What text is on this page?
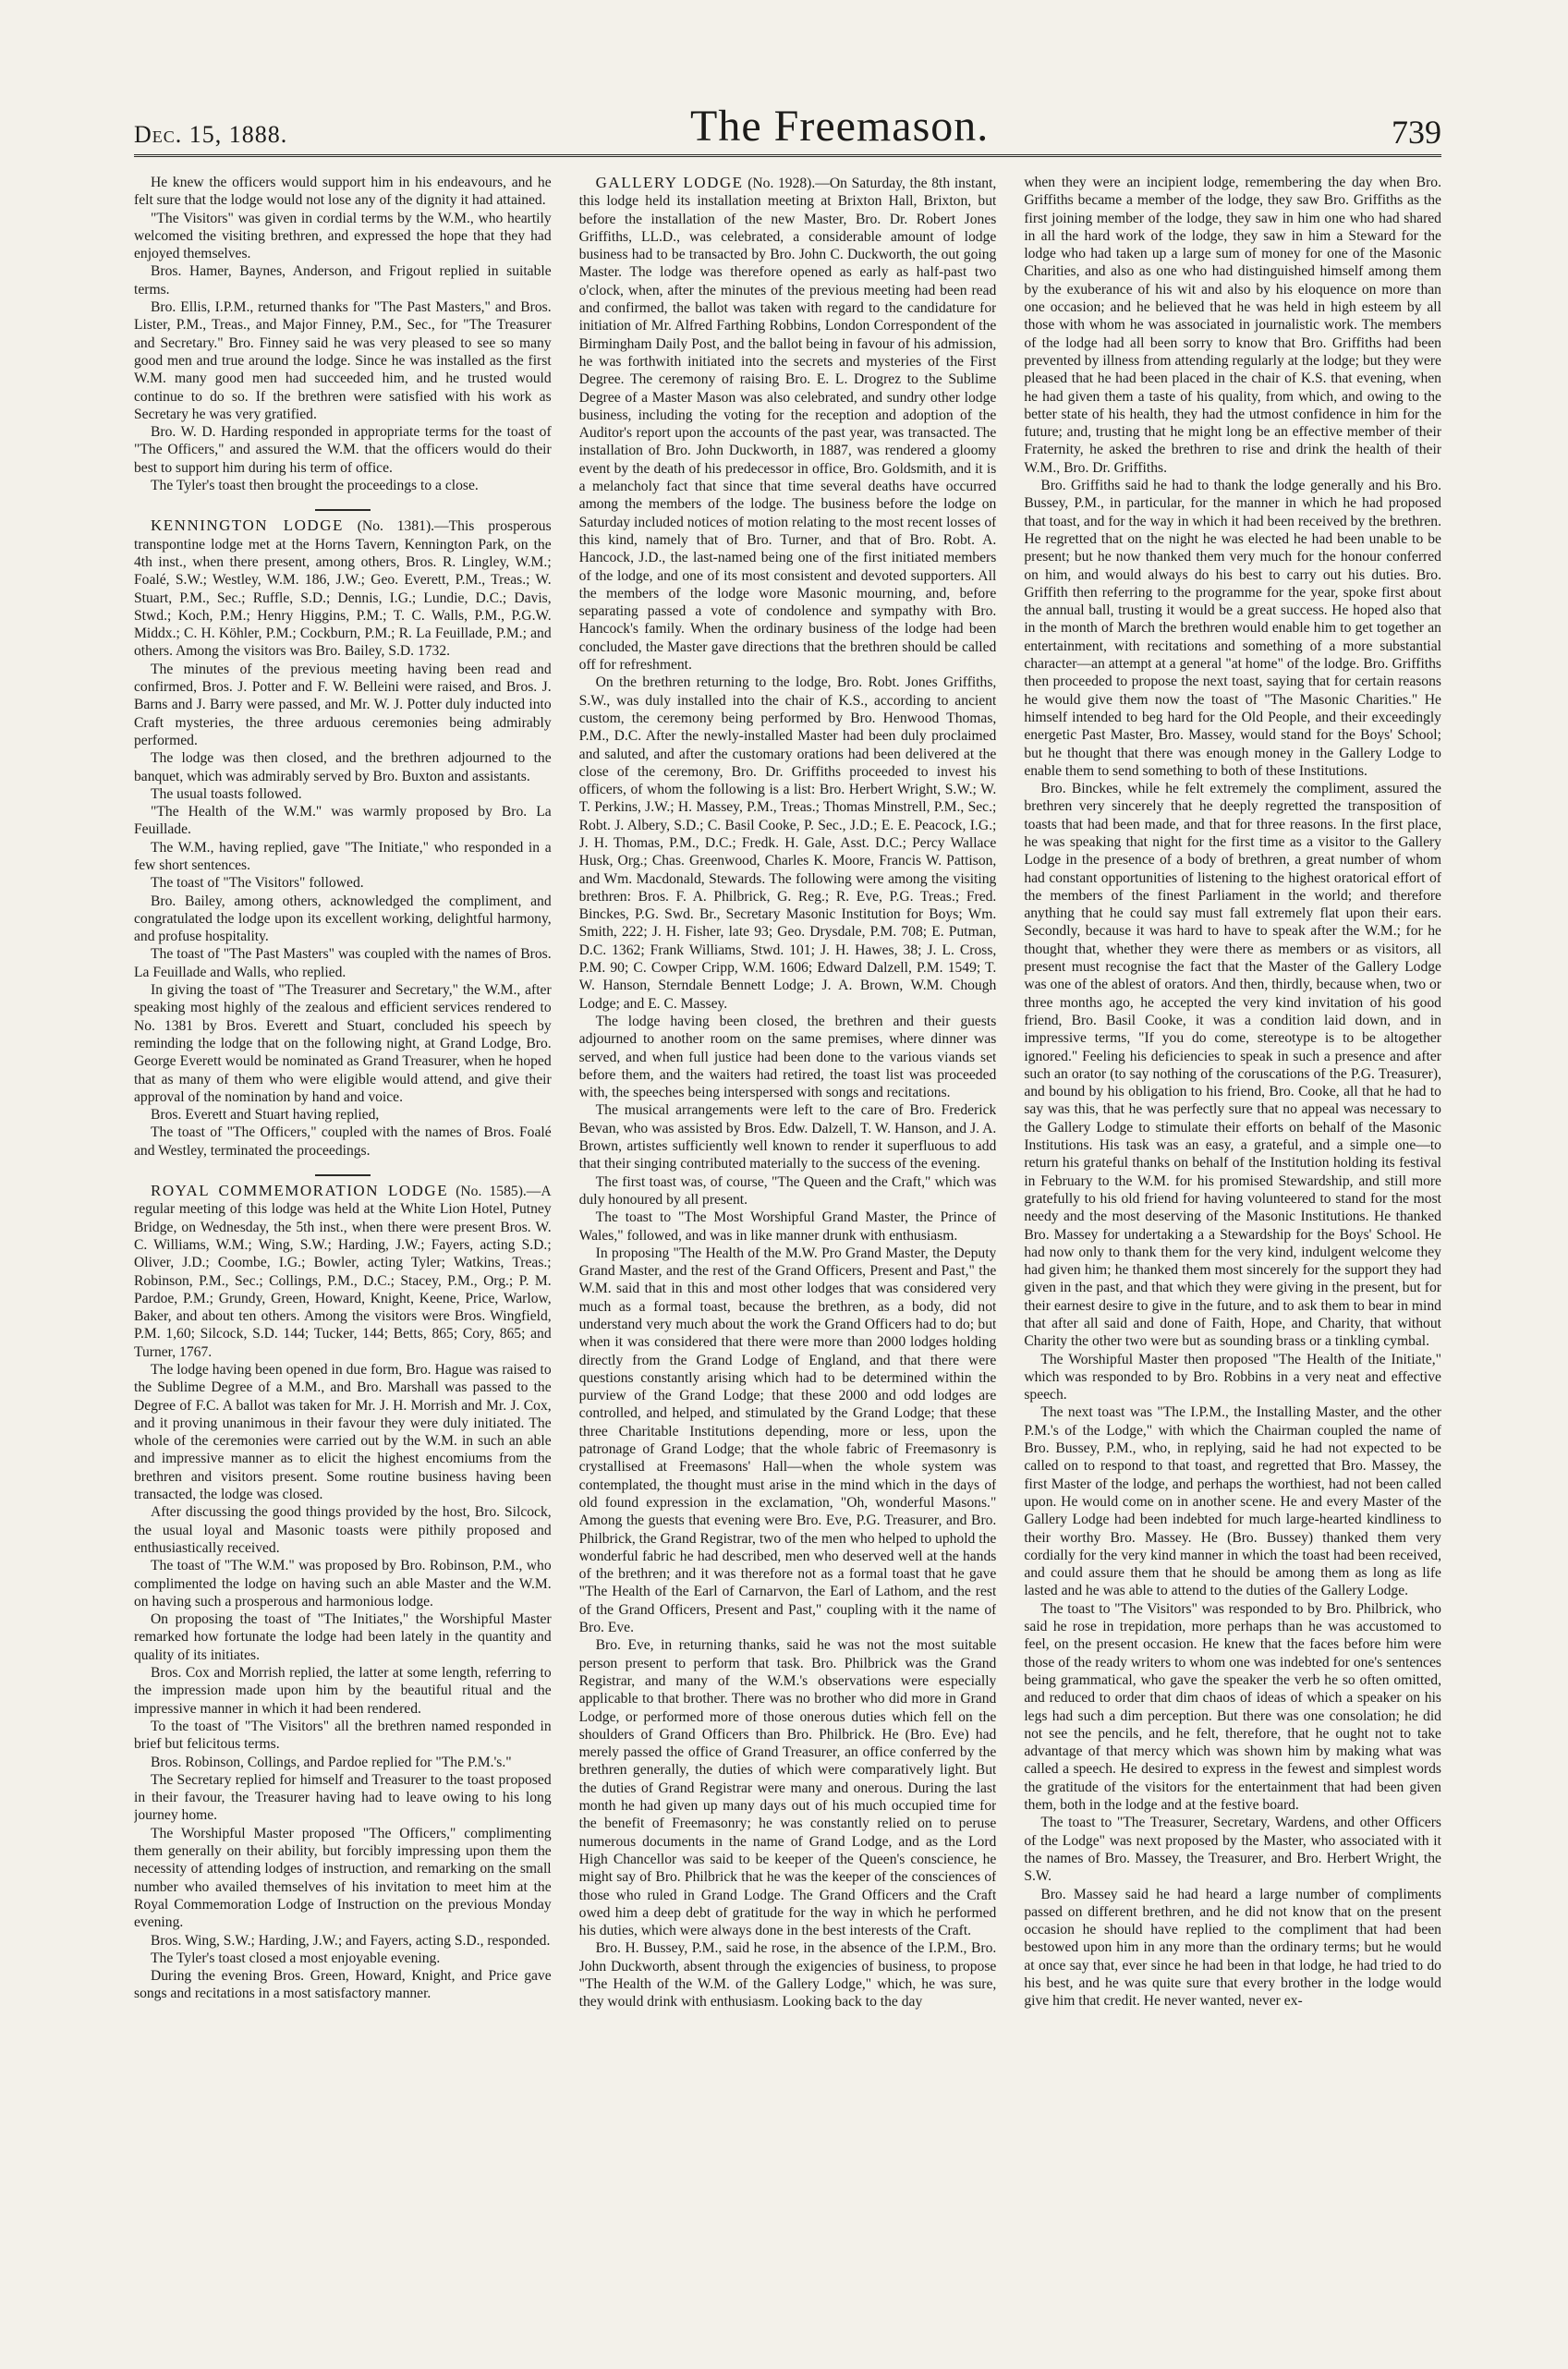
Dec. 15, 1888.	The Freemason.	739

He knew the officers would support him in his endeavours, and he felt sure that the lodge would not lose any of the dignity it had attained.

"The Visitors" was given in cordial terms by the W.M., who heartily welcomed the visiting brethren, and expressed the hope that they had enjoyed themselves.

Bros. Hamer, Baynes, Anderson, and Frigout replied in suitable terms.

Bro. Ellis, I.P.M., returned thanks for "The Past Masters," and Bros. Lister, P.M., Treas., and Major Finney, P.M., Sec., for "The Treasurer and Secretary." Bro. Finney said he was very pleased to see so many good men and true around the lodge. Since he was installed as the first W.M. many good men had succeeded him, and he trusted would continue to do so. If the brethren were satisfied with his work as Secretary he was very gratified.

Bro. W. D. Harding responded in appropriate terms for the toast of "The Officers," and assured the W.M. that the officers would do their best to support him during his term of office.

The Tyler's toast then brought the proceedings to a close.

KENNINGTON LODGE (No. 1381).—This prosperous transpontine lodge met at the Horns Tavern, Kennington Park, on the 4th inst., when there present, among others, Bros. R. Lingley, W.M.; Foalé, S.W.; Westley, W.M. 186, J.W.; Geo. Everett, P.M., Treas.; W. Stuart, P.M., Sec.; Ruffle, S.D.; Dennis, I.G.; Lundie, D.C.; Davis, Stwd.; Koch, P.M.; Henry Higgins, P.M.; T. C. Walls, P.M., P.G.W. Middx.; C. H. Köhler, P.M.; Cockburn, P.M.; R. La Feuillade, P.M.; and others. Among the visitors was Bro. Bailey, S.D. 1732.

The minutes of the previous meeting having been read and confirmed, Bros. J. Potter and F. W. Belleini were raised, and Bros. J. Barns and J. Barry were passed, and Mr. W. J. Potter duly inducted into Craft mysteries, the three arduous ceremonies being admirably performed.

The lodge was then closed, and the brethren adjourned to the banquet, which was admirably served by Bro. Buxton and assistants.

The usual toasts followed.

"The Health of the W.M." was warmly proposed by Bro. La Feuillade.

The W.M., having replied, gave "The Initiate," who responded in a few short sentences.

The toast of "The Visitors" followed.

Bro. Bailey, among others, acknowledged the compliment, and congratulated the lodge upon its excellent working, delightful harmony, and profuse hospitality.

The toast of "The Past Masters" was coupled with the names of Bros. La Feuillade and Walls, who replied.

In giving the toast of "The Treasurer and Secretary," the W.M., after speaking most highly of the zealous and efficient services rendered to No. 1381 by Bros. Everett and Stuart, concluded his speech by reminding the lodge that on the following night, at Grand Lodge, Bro. George Everett would be nominated as Grand Treasurer, when he hoped that as many of them who were eligible would attend, and give their approval of the nomination by hand and voice.

Bros. Everett and Stuart having replied,

The toast of "The Officers," coupled with the names of Bros. Foalé and Westley, terminated the proceedings.

ROYAL COMMEMORATION LODGE (No. 1585).—A regular meeting of this lodge was held at the White Lion Hotel, Putney Bridge, on Wednesday, the 5th inst., when there were present Bros. W. C. Williams, W.M.; Wing, S.W.; Harding, J.W.; Fayers, acting S.D.; Oliver, J.D.; Coombe, I.G.; Bowler, acting Tyler; Watkins, Treas.; Robinson, P.M., Sec.; Collings, P.M., D.C.; Stacey, P.M., Org.; P. M. Pardoe, P.M.; Grundy, Green, Howard, Knight, Keene, Price, Warlow, Baker, and about ten others. Among the visitors were Bros. Wingfield, P.M. 1,60; Silcock, S.D. 144; Tucker, 144; Betts, 865; Cory, 865; and Turner, 1767.

The lodge having been opened in due form, Bro. Hague was raised to the Sublime Degree of a M.M., and Bro. Marshall was passed to the Degree of F.C. A ballot was taken for Mr. J. H. Morrish and Mr. J. Cox, and it proving unanimous in their favour they were duly initiated. The whole of the ceremonies were carried out by the W.M. in such an able and impressive manner as to elicit the highest encomiums from the brethren and visitors present. Some routine business having been transacted, the lodge was closed.

After discussing the good things provided by the host, Bro. Silcock, the usual loyal and Masonic toasts were pithily proposed and enthusiastically received.

The toast of "The W.M." was proposed by Bro. Robinson, P.M., who complimented the lodge on having such an able Master and the W.M. on having such a prosperous and harmonious lodge.

On proposing the toast of "The Initiates," the Worshipful Master remarked how fortunate the lodge had been lately in the quantity and quality of its initiates.

Bros. Cox and Morrish replied, the latter at some length, referring to the impression made upon him by the beautiful ritual and the impressive manner in which it had been rendered.

To the toast of "The Visitors" all the brethren named responded in brief but felicitous terms.

Bros. Robinson, Collings, and Pardoe replied for "The P.M.'s."

The Secretary replied for himself and Treasurer to the toast proposed in their favour, the Treasurer having had to leave owing to his long journey home.

The Worshipful Master proposed "The Officers," complimenting them generally on their ability, but forcibly impressing upon them the necessity of attending lodges of instruction, and remarking on the small number who availed themselves of his invitation to meet him at the Royal Commemoration Lodge of Instruction on the previous Monday evening.

Bros. Wing, S.W.; Harding, J.W.; and Fayers, acting S.D., responded.

The Tyler's toast closed a most enjoyable evening.

During the evening Bros. Green, Howard, Knight, and Price gave songs and recitations in a most satisfactory manner.

GALLERY LODGE (No. 1928).—On Saturday, the 8th instant, this lodge held its installation meeting at Brixton Hall, Brixton, but before the installation of the new Master, Bro. Dr. Robert Jones Griffiths, LL.D., was celebrated, a considerable amount of lodge business had to be transacted by Bro. John C. Duckworth, the out going Master. The lodge was therefore opened as early as half-past two o'clock, when, after the minutes of the previous meeting had been read and confirmed, the ballot was taken with regard to the candidature for initiation of Mr. Alfred Farthing Robbins, London Correspondent of the Birmingham Daily Post, and the ballot being in favour of his admission, he was forthwith initiated into the secrets and mysteries of the First Degree. The ceremony of raising Bro. E. L. Drogrez to the Sublime Degree of a Master Mason was also celebrated, and sundry other lodge business, including the voting for the reception and adoption of the Auditor's report upon the accounts of the past year, was transacted. The installation of Bro. John Duckworth, in 1887, was rendered a gloomy event by the death of his predecessor in office, Bro. Goldsmith, and it is a melancholy fact that since that time several deaths have occurred among the members of the lodge. The business before the lodge on Saturday included notices of motion relating to the most recent losses of this kind, namely that of Bro. Turner, and that of Bro. Robt. A. Hancock, J.D., the last-named being one of the first initiated members of the lodge, and one of its most consistent and devoted supporters. All the members of the lodge wore Masonic mourning, and, before separating passed a vote of condolence and sympathy with Bro. Hancock's family. When the ordinary business of the lodge had been concluded, the Master gave directions that the brethren should be called off for refreshment.

On the brethren returning to the lodge, Bro. Robt. Jones Griffiths, S.W., was duly installed into the chair of K.S., according to ancient custom, the ceremony being performed by Bro. Henwood Thomas, P.M., D.C. After the newly-installed Master had been duly proclaimed and saluted, and after the customary orations had been delivered at the close of the ceremony, Bro. Dr. Griffiths proceeded to invest his officers, of whom the following is a list: Bro. Herbert Wright, S.W.; W. T. Perkins, J.W.; H. Massey, P.M., Treas.; Thomas Minstrell, P.M., Sec.; Robt. J. Albery, S.D.; C. Basil Cooke, P. Sec., J.D.; E. E. Peacock, I.G.; J. H. Thomas, P.M., D.C.; Fredk. H. Gale, Asst. D.C.; Percy Wallace Husk, Org.; Chas. Greenwood, Charles K. Moore, Francis W. Pattison, and Wm. Macdonald, Stewards. The following were among the visiting brethren: Bros. F. A. Philbrick, G. Reg.; R. Eve, P.G. Treas.; Fred. Binckes, P.G. Swd. Br., Secretary Masonic Institution for Boys; Wm. Smith, 222; J. H. Fisher, late 93; Geo. Drysdale, P.M. 708; E. Putman, D.C. 1362; Frank Williams, Stwd. 101; J. H. Hawes, 38; J. L. Cross, P.M. 90; C. Cowper Cripp, W.M. 1606; Edward Dalzell, P.M. 1549; T. W. Hanson, Sterndale Bennett Lodge; J. A. Brown, W.M. Chough Lodge; and E. C. Massey.

The lodge having been closed, the brethren and their guests adjourned to another room on the same premises, where dinner was served, and when full justice had been done to the various viands set before them, and the waiters had retired, the toast list was proceeded with, the speeches being interspersed with songs and recitations.

The musical arrangements were left to the care of Bro. Frederick Bevan, who was assisted by Bros. Edw. Dalzell, T. W. Hanson, and J. A. Brown, artistes sufficiently well known to render it superfluous to add that their singing contributed materially to the success of the evening.

The first toast was, of course, "The Queen and the Craft," which was duly honoured by all present.

The toast to "The Most Worshipful Grand Master, the Prince of Wales," followed, and was in like manner drunk with enthusiasm.

In proposing "The Health of the M.W. Pro Grand Master, the Deputy Grand Master, and the rest of the Grand Officers, Present and Past," the W.M. said that in this and most other lodges that was considered very much as a formal toast, because the brethren, as a body, did not understand very much about the work the Grand Officers had to do; but when it was considered that there were more than 2000 lodges holding directly from the Grand Lodge of England, and that there were questions constantly arising which had to be determined within the purview of the Grand Lodge; that these 2000 and odd lodges are controlled, and helped, and stimulated by the Grand Lodge; that these three Charitable Institutions depending, more or less, upon the patronage of Grand Lodge; that the whole fabric of Freemasonry is crystallised at Freemasons' Hall—when the whole system was contemplated, the thought must arise in the mind which in the days of old found expression in the exclamation, "Oh, wonderful Masons." Among the guests that evening were Bro. Eve, P.G. Treasurer, and Bro. Philbrick, the Grand Registrar, two of the men who helped to uphold the wonderful fabric he had described, men who deserved well at the hands of the brethren; and it was therefore not as a formal toast that he gave "The Health of the Earl of Carnarvon, the Earl of Lathom, and the rest of the Grand Officers, Present and Past," coupling with it the name of Bro. Eve.

Bro. Eve, in returning thanks, said he was not the most suitable person present to perform that task. Bro. Philbrick was the Grand Registrar, and many of the W.M.'s observations were especially applicable to that brother. There was no brother who did more in Grand Lodge, or performed more of those onerous duties which fell on the shoulders of Grand Officers than Bro. Philbrick. He (Bro. Eve) had merely passed the office of Grand Treasurer, an office conferred by the brethren generally, the duties of which were comparatively light. But the duties of Grand Registrar were many and onerous. During the last month he had given up many days out of his much occupied time for the benefit of Freemasonry; he was constantly relied on to peruse numerous documents in the name of Grand Lodge, and as the Lord High Chancellor was said to be keeper of the Queen's conscience, he might say of Bro. Philbrick that he was the keeper of the consciences of those who ruled in Grand Lodge. The Grand Officers and the Craft owed him a deep debt of gratitude for the way in which he performed his duties, which were always done in the best interests of the Craft.

Bro. H. Bussey, P.M., said he rose, in the absence of the I.P.M., Bro. John Duckworth, absent through the exigencies of business, to propose "The Health of the W.M. of the Gallery Lodge," which, he was sure, they would drink with enthusiasm. Looking back to the day

when they were an incipient lodge, remembering the day when Bro. Griffiths became a member of the lodge, they saw Bro. Griffiths as the first joining member of the lodge, they saw in him one who had shared in all the hard work of the lodge, they saw in him a Steward for the lodge who had taken up a large sum of money for one of the Masonic Charities, and also as one who had distinguished himself among them by the exuberance of his wit and also by his eloquence on more than one occasion; and he believed that he was held in high esteem by all those with whom he was associated in journalistic work. The members of the lodge had all been sorry to know that Bro. Griffiths had been prevented by illness from attending regularly at the lodge; but they were pleased that he had been placed in the chair of K.S. that evening, when he had given them a taste of his quality, from which, and owing to the better state of his health, they had the utmost confidence in him for the future; and, trusting that he might long be an effective member of their Fraternity, he asked the brethren to rise and drink the health of their W.M., Bro. Dr. Griffiths.

Bro. Griffiths said he had to thank the lodge generally and his Bro. Bussey, P.M., in particular, for the manner in which he had proposed that toast, and for the way in which it had been received by the brethren. He regretted that on the night he was elected he had been unable to be present; but he now thanked them very much for the honour conferred on him, and would always do his best to carry out his duties. Bro. Griffith then referring to the programme for the year, spoke first about the annual ball, trusting it would be a great success. He hoped also that in the month of March the brethren would enable him to get together an entertainment, with recitations and something of a more substantial character—an attempt at a general "at home" of the lodge. Bro. Griffiths then proceeded to propose the next toast, saying that for certain reasons he would give them now the toast of "The Masonic Charities." He himself intended to beg hard for the Old People, and their exceedingly energetic Past Master, Bro. Massey, would stand for the Boys' School; but he thought that there was enough money in the Gallery Lodge to enable them to send something to both of these Institutions.

Bro. Binckes, while he felt extremely the compliment, assured the brethren very sincerely that he deeply regretted the transposition of toasts that had been made, and that for three reasons. In the first place, he was speaking that night for the first time as a visitor to the Gallery Lodge in the presence of a body of brethren, a great number of whom had constant opportunities of listening to the highest oratorical effort of the members of the finest Parliament in the world; and therefore anything that he could say must fall extremely flat upon their ears. Secondly, because it was hard to have to speak after the W.M.; for he thought that, whether they were there as members or as visitors, all present must recognise the fact that the Master of the Gallery Lodge was one of the ablest of orators. And then, thirdly, because when, two or three months ago, he accepted the very kind invitation of his good friend, Bro. Basil Cooke, it was a condition laid down, and in impressive terms, "If you do come, stereotype is to be altogether ignored." Feeling his deficiencies to speak in such a presence and after such an orator (to say nothing of the coruscations of the P.G. Treasurer), and bound by his obligation to his friend, Bro. Cooke, all that he had to say was this, that he was perfectly sure that no appeal was necessary to the Gallery Lodge to stimulate their efforts on behalf of the Masonic Institutions. His task was an easy, a grateful, and a simple one—to return his grateful thanks on behalf of the Institution holding its festival in February to the W.M. for his promised Stewardship, and still more gratefully to his old friend for having volunteered to stand for the most needy and the most deserving of the Masonic Institutions. He thanked Bro. Massey for undertaking a a Stewardship for the Boys' School. He had now only to thank them for the very kind, indulgent welcome they had given him; he thanked them most sincerely for the support they had given in the past, and that which they were giving in the present, but for their earnest desire to give in the future, and to ask them to bear in mind that after all said and done of Faith, Hope, and Charity, that without Charity the other two were but as sounding brass or a tinkling cymbal.

The Worshipful Master then proposed "The Health of the Initiate," which was responded to by Bro. Robbins in a very neat and effective speech.

The next toast was "The I.P.M., the Installing Master, and the other P.M.'s of the Lodge," with which the Chairman coupled the name of Bro. Bussey, P.M., who, in replying, said he had not expected to be called on to respond to that toast, and regretted that Bro. Massey, the first Master of the lodge, and perhaps the worthiest, had not been called upon. He would come on in another scene. He and every Master of the Gallery Lodge had been indebted for much large-hearted kindliness to their worthy Bro. Massey. He (Bro. Bussey) thanked them very cordially for the very kind manner in which the toast had been received, and could assure them that he should be among them as long as life lasted and he was able to attend to the duties of the Gallery Lodge.

The toast to "The Visitors" was responded to by Bro. Philbrick, who said he rose in trepidation, more perhaps than he was accustomed to feel, on the present occasion. He knew that the faces before him were those of the ready writers to whom one was indebted for one's sentences being grammatical, who gave the speaker the verb he so often omitted, and reduced to order that dim chaos of ideas of which a speaker on his legs had such a dim perception. But there was one consolation; he did not see the pencils, and he felt, therefore, that he ought not to take advantage of that mercy which was shown him by making what was called a speech. He desired to express in the fewest and simplest words the gratitude of the visitors for the entertainment that had been given them, both in the lodge and at the festive board.

The toast to "The Treasurer, Secretary, Wardens, and other Officers of the Lodge" was next proposed by the Master, who associated with it the names of Bro. Massey, the Treasurer, and Bro. Herbert Wright, the S.W.

Bro. Massey said he had heard a large number of compliments passed on different brethren, and he did not know that on the present occasion he should have replied to the compliment that had been bestowed upon him in any more than the ordinary terms; but he would at once say that, ever since he had been in that lodge, he had tried to do his best, and he was quite sure that every brother in the lodge would give him that credit. He never wanted, never ex-
